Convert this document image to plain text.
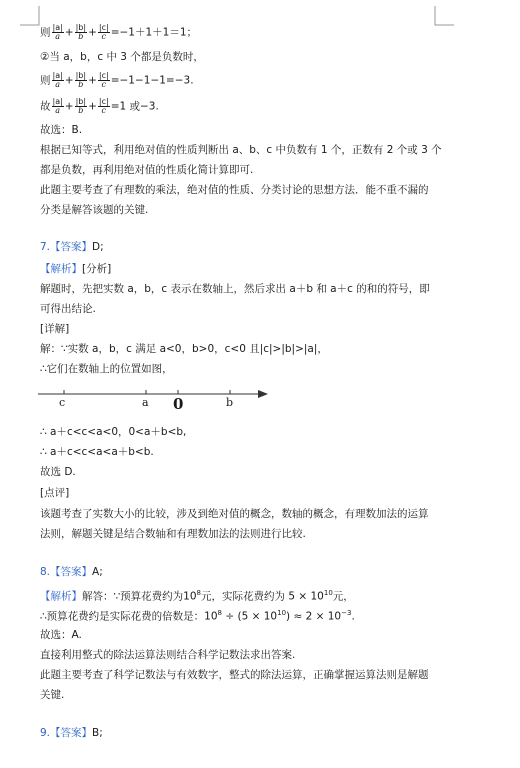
则 $\frac{|a|}{a} + \frac{|b|}{b} + \frac{|c|}{c} =-1+1+1=1$；
②当 a，b，c 中 3 个都是负数时，
则 $\frac{|a|}{a} + \frac{|b|}{b} + \frac{|c|}{c} =-1-1-1=-3$.
故 $\frac{|a|}{a} + \frac{|b|}{b} + \frac{|c|}{c} =1$ 或−3.
故选：B.
根据已知等式，利用绝对值的性质判断出 a、b、c 中负数有 1 个，正数有 2 个或 3 个
都是负数，再利用绝对值的性质化简计算即可.
此题主要考查了有理数的乘法，绝对值的性质、分类讨论的思想方法．能不重不漏的
分类是解答该题的关键.
7.【答案】D;
【解析】[分析]
解题时，先把实数 a，b，c 表示在数轴上，然后求出 a＋b 和 a＋c 的和的符号，即
可得出结论.
[详解]
解：∵实数 a，b，c 满足 a<0，b>0，c<0 且|c|>|b|>|a|，
∴它们在数轴上的位置如图，
c	a 0	b
∴ a＋c<c<a<0，0<a＋b<b,
∴ a＋c<c<a<a＋b<b.
故选 D.
[点评]
该题考查了实数大小的比较，涉及到绝对值的概念，数轴的概念，有理数加法的运算
法则，解题关键是结合数轴和有理数加法的法则进行比较.
8.【答案】A;
【解析】解答：∵预算花费约为$10^8$元，实际花费约为 $5 \times 10^{10}$元，
∴预算花费约是实际花费的倍数是：$10^8 \div (5 \times 10^{10}) \approx 2 \times 10^{-3}$.
故选：A.
直接利用整式的除法运算法则结合科学记数法求出答案.
此题主要考查了科学记数法与有效数字，整式的除法运算，正确掌握运算法则是解题
关键.
9.【答案】B;
